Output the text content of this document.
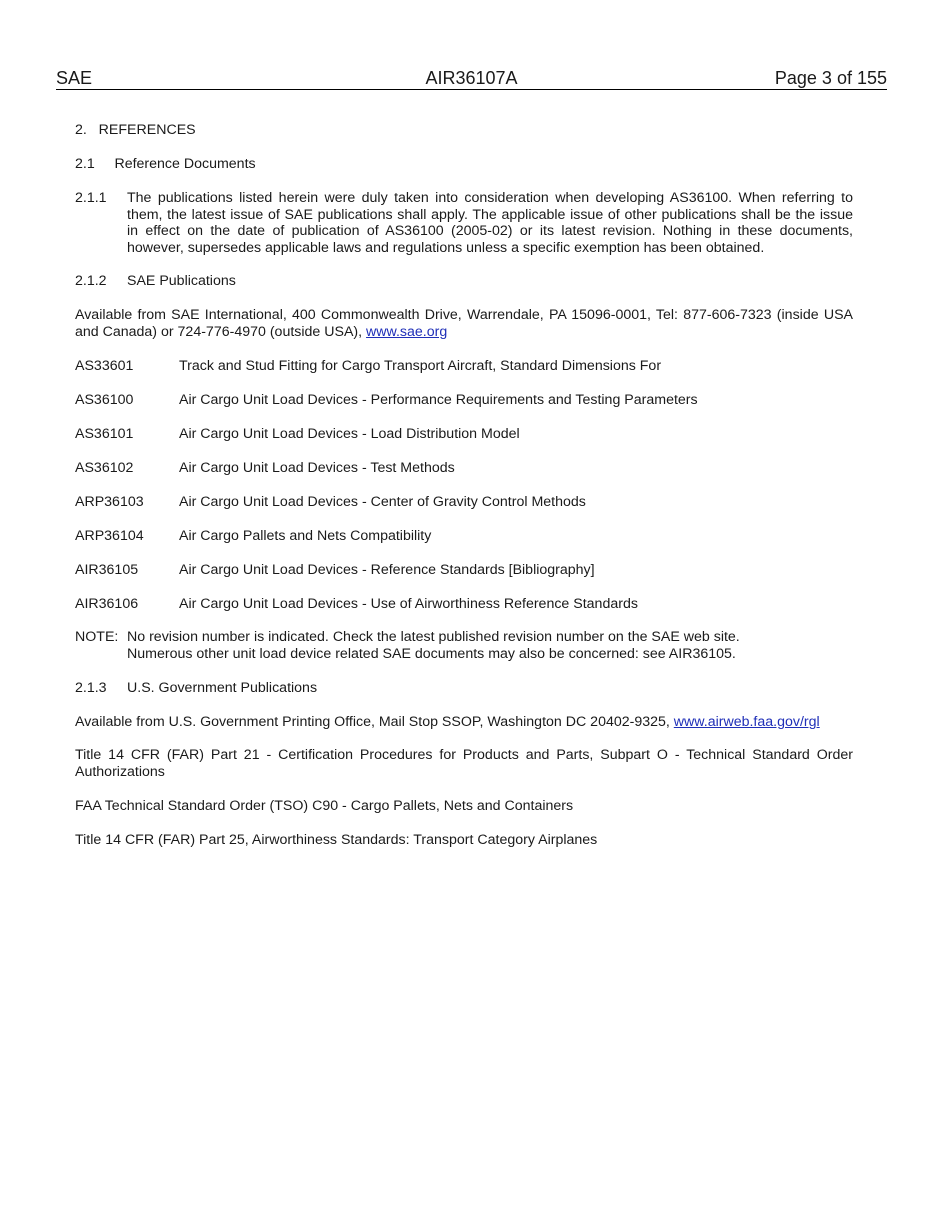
SAE	AIR36107A	Page 3 of 155
2. REFERENCES
2.1 Reference Documents
2.1.1	The publications listed herein were duly taken into consideration when developing AS36100. When referring to them, the latest issue of SAE publications shall apply. The applicable issue of other publications shall be the issue in effect on the date of publication of AS36100 (2005-02) or its latest revision. Nothing in these documents, however, supersedes applicable laws and regulations unless a specific exemption has been obtained.
2.1.2	SAE Publications
Available from SAE International, 400 Commonwealth Drive, Warrendale, PA 15096-0001, Tel: 877-606-7323 (inside USA and Canada) or 724-776-4970 (outside USA), www.sae.org
AS33601	Track and Stud Fitting for Cargo Transport Aircraft, Standard Dimensions For
AS36100	Air Cargo Unit Load Devices - Performance Requirements and Testing Parameters
AS36101	Air Cargo Unit Load Devices - Load Distribution Model
AS36102	Air Cargo Unit Load Devices - Test Methods
ARP36103 Air Cargo Unit Load Devices - Center of Gravity Control Methods
ARP36104 Air Cargo Pallets and Nets Compatibility
AIR36105	Air Cargo Unit Load Devices - Reference Standards [Bibliography]
AIR36106	Air Cargo Unit Load Devices - Use of Airworthiness Reference Standards
NOTE: No revision number is indicated. Check the latest published revision number on the SAE web site.
Numerous other unit load device related SAE documents may also be concerned: see AIR36105.
2.1.3	U.S. Government Publications
Available from U.S. Government Printing Office, Mail Stop SSOP, Washington DC 20402-9325, www.airweb.faa.gov/rgl
Title 14 CFR (FAR) Part 21 - Certification Procedures for Products and Parts, Subpart O - Technical Standard Order Authorizations
FAA Technical Standard Order (TSO) C90 - Cargo Pallets, Nets and Containers
Title 14 CFR (FAR) Part 25, Airworthiness Standards: Transport Category Airplanes
